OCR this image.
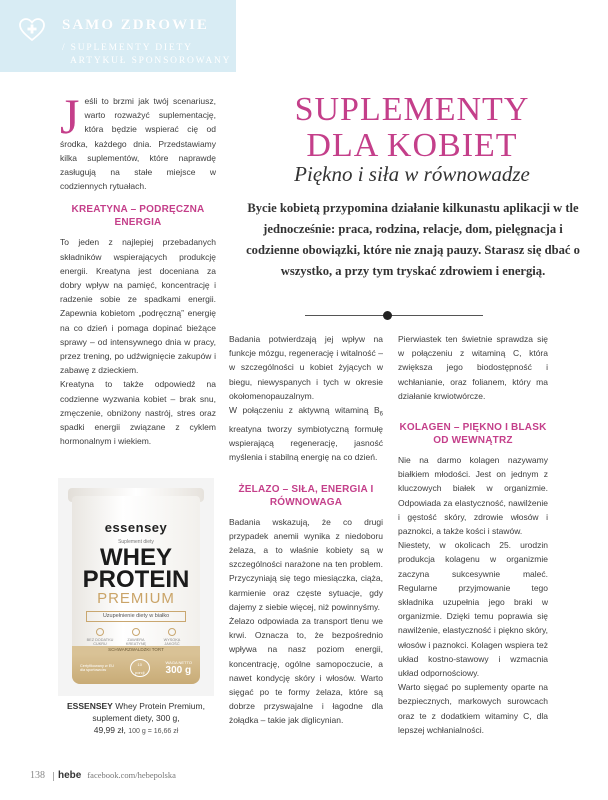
SAMO ZDROWIE
/ SUPLEMENTY DIETY
ARTYKUŁ SPONSOROWANY
SUPLEMENTY
DLA KOBIET
Piękno i siła w równowadze
Bycie kobietą przypomina działanie kilkunastu aplikacji w tle jednocześnie: praca, rodzina, relacje, dom, pielęgnacja i codzienne obowiązki, które nie znają pauzy. Starasz się dbać o wszystko, a przy tym tryskać zdrowiem i energią.

Jeśli to brzmi jak twój scenariusz, warto rozważyć suplementację, która będzie wspierać cię od środka, każdego dnia. Przedstawiamy kilka suplementów, które naprawdę zasługują na stałe miejsce w codziennych rytuałach.

KREATYNA – PODRĘCZNA ENERGIA

To jeden z najlepiej przebadanych składników wspierających produkcję energii. Kreatyna jest doceniana za dobry wpływ na pamięć, koncentrację i radzenie sobie ze spadkami energii. Zapewnia kobietom „podręczną” energię na co dzień i pomaga dopinać bieżące sprawy – od intensywnego dnia w pracy, przez trening, po udźwignięcie zakupów i zabawę z dzieckiem.

Kreatyna to także odpowiedź na codzienne wyzwania kobiet – brak snu, zmęczenie, obniżony nastrój, stres oraz spadki energii związane z cyklem hormonalnym i wiekiem.

essensey
Suplement diety
WHEY
PROTEIN
PREMIUM
Uzupełnienie diety w białko
BEZ DODATKU CUKRU
ZAWIERA KREATYNĘ
WYSOKA JAKOŚĆ
SCHWARZWALDZKI TORT
Certyfikowany w EU dla sportowców
10
porcji
WAGA NETTO
300 g
ESSENSEY Whey Protein Premium,
suplement diety, 300 g,
49,99 zł, 100 g = 16,66 zł

Badania potwierdzają jej wpływ na funkcje mózgu, regenerację i witalność – w szczególności u kobiet żyjących w biegu, niewyspanych i tych w okresie okołomenopauzalnym.

W połączeniu z aktywną witaminą $B_6$ kreatyna tworzy symbiotyczną formułę wspierającą regenerację, jasność myślenia i stabilną energię na co dzień.

ŻELAZO – SIŁA, ENERGIA I RÓWNOWAGA

Badania wskazują, że co drugi przypadek anemii wynika z niedoboru żelaza, a to właśnie kobiety są w szczególności narażone na ten problem. Przyczyniają się tego miesiączka, ciąża, karmienie oraz częste sytuacje, gdy dajemy z siebie więcej, niż powinnyśmy.

Żelazo odpowiada za transport tlenu we krwi. Oznacza to, że bezpośrednio wpływa na nasz poziom energii, koncentrację, ogólne samopoczucie, a nawet kondycję skóry i włosów. Warto sięgać po te formy żelaza, które są dobrze przyswajalne i łagodne dla żołądka – takie jak diglicynian.

Pierwiastek ten świetnie sprawdza się w połączeniu z witaminą C, która zwiększa jego biodostępność i wchłanianie, oraz folianem, który ma działanie krwiotwórcze.

KOLAGEN – PIĘKNO I BLASK OD WEWNĄTRZ

Nie na darmo kolagen nazywamy białkiem młodości. Jest on jednym z kluczowych białek w organizmie. Odpowiada za elastyczność, nawilżenie i gęstość skóry, zdrowie włosów i paznokci, a także kości i stawów.

Niestety, w okolicach 25. urodzin produkcja kolagenu w organizmie zaczyna sukcesywnie maleć. Regularne przyjmowanie tego składnika uzupełnia jego braki w organizmie. Dzięki temu poprawia się nawilżenie, elastyczność i piękno skóry, włosów i paznokci. Kolagen wspiera też układ kostno-stawowy i wzmacnia układ odpornościowy.

Warto sięgać po suplementy oparte na bezpiecznych, markowych surowcach oraz te z dodatkiem witaminy C, dla lepszej wchłanialności.

138 hebe facebook.com/hebepolska
